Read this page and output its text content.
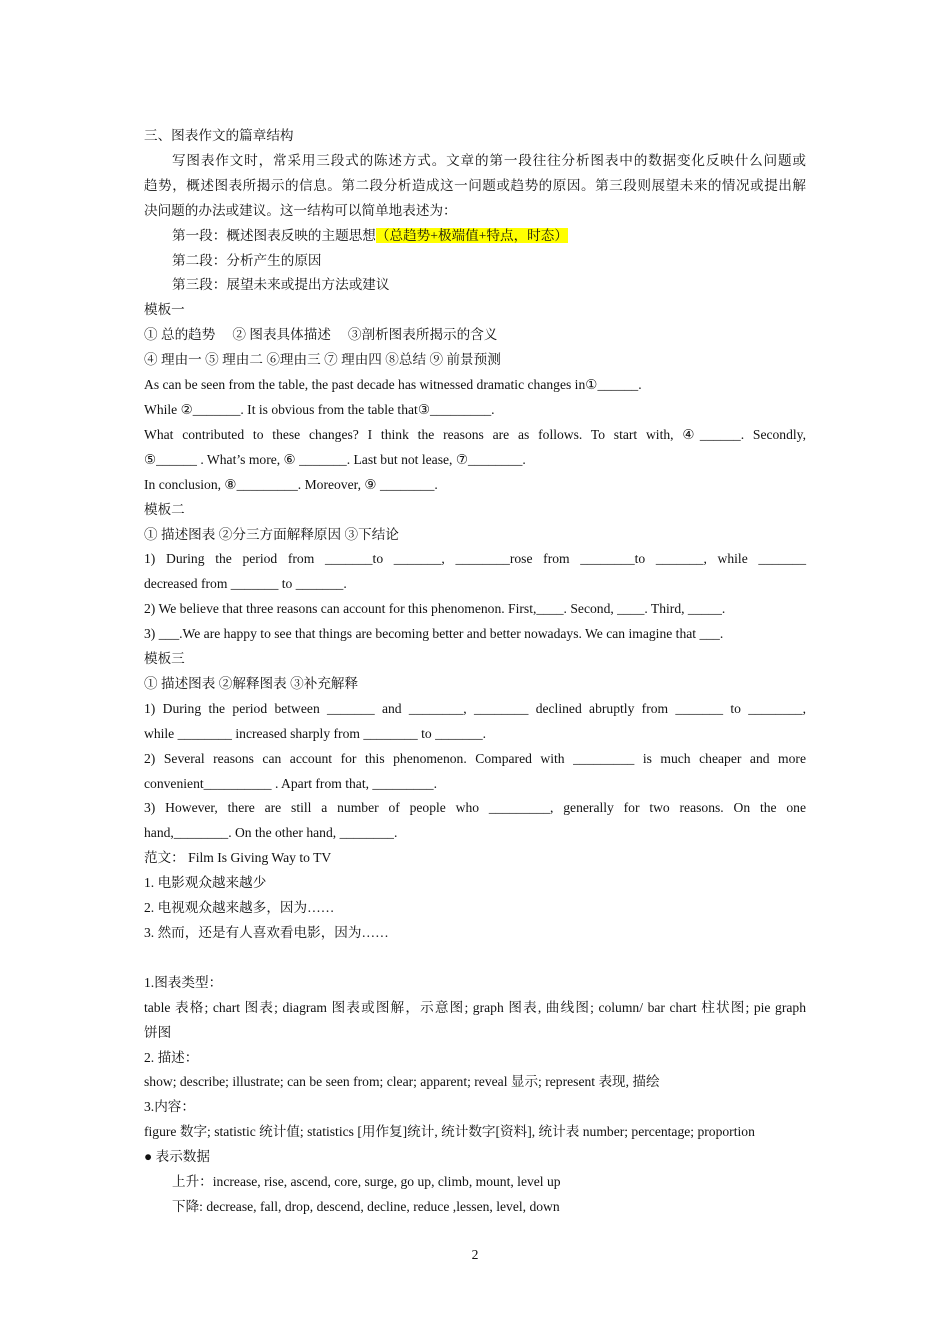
三、图表作文的篇章结构
写图表作文时，常采用三段式的陈述方式。文章的第一段往往分析图表中的数据变化反映什么问题或
趋势，概述图表所揭示的信息。第二段分析造成这一问题或趋势的原因。第三段则展望未来的情况或提出解
决问题的办法或建议。这一结构可以简单地表述为：
第一段：概述图表反映的主题思想（总趋势+极端值+特点，时态）
第二段：分析产生的原因
第三段：展望未来或提出方法或建议
模板一
① 总的趋势 　② 图表具体描述 　③剖析图表所揭示的含义
④ 理由一 ⑤ 理由二 ⑥理由三 ⑦ 理由四 ⑧总结 ⑨ 前景预测
As can be seen from the table, the past decade has witnessed dramatic changes in①______.
While ②_______. It is obvious from the table that③_________.
What contributed to these changes? I think the reasons are as follows. To start with, ④______. Secondly,
⑤______ . What’s more, ⑥ _______. Last but not lease, ⑦________.
In conclusion, ⑧_________. Moreover, ⑨ ________.
模板二
① 描述图表 ②分三方面解释原因 ③下结论
1) During the period from _______to _______, ________rose from ________to _______, while _______
decreased from _______ to _______.
2) We believe that three reasons can account for this phenomenon. First,____. Second, ____. Third, _____.
3) ___.We are happy to see that things are becoming better and better nowadays. We can imagine that ___.
模板三
① 描述图表 ②解释图表 ③补充解释
1) During the period between _______ and ________, ________ declined abruptly from _______ to ________,
while ________ increased sharply from ________ to _______.
2) Several reasons can account for this phenomenon. Compared with _________ is much cheaper and more
convenient__________ . Apart from that, _________.
3) However, there are still a number of people who _________, generally for two reasons. On the one
hand,________. On the other hand, ________.
范文： Film Is Giving Way to TV
1. 电影观众越来越少
2. 电视观众越来越多，因为……
3. 然而，还是有人喜欢看电影，因为……
1.图表类型：
table 表格; chart 图表; diagram 图表或图解，示意图; graph 图表, 曲线图; column/ bar chart 柱状图; pie graph
饼图
2. 描述：
show; describe; illustrate; can be seen from; clear; apparent; reveal 显示; represent 表现, 描绘
3.内容：
figure 数字; statistic 统计值; statistics [用作复]统计, 统计数字[资料], 统计表 number; percentage; proportion
● 表示数据
上升：increase, rise, ascend, core, surge, go up, climb, mount, level up
下降: decrease, fall, drop, descend, decline, reduce ,lessen, level, down
2
